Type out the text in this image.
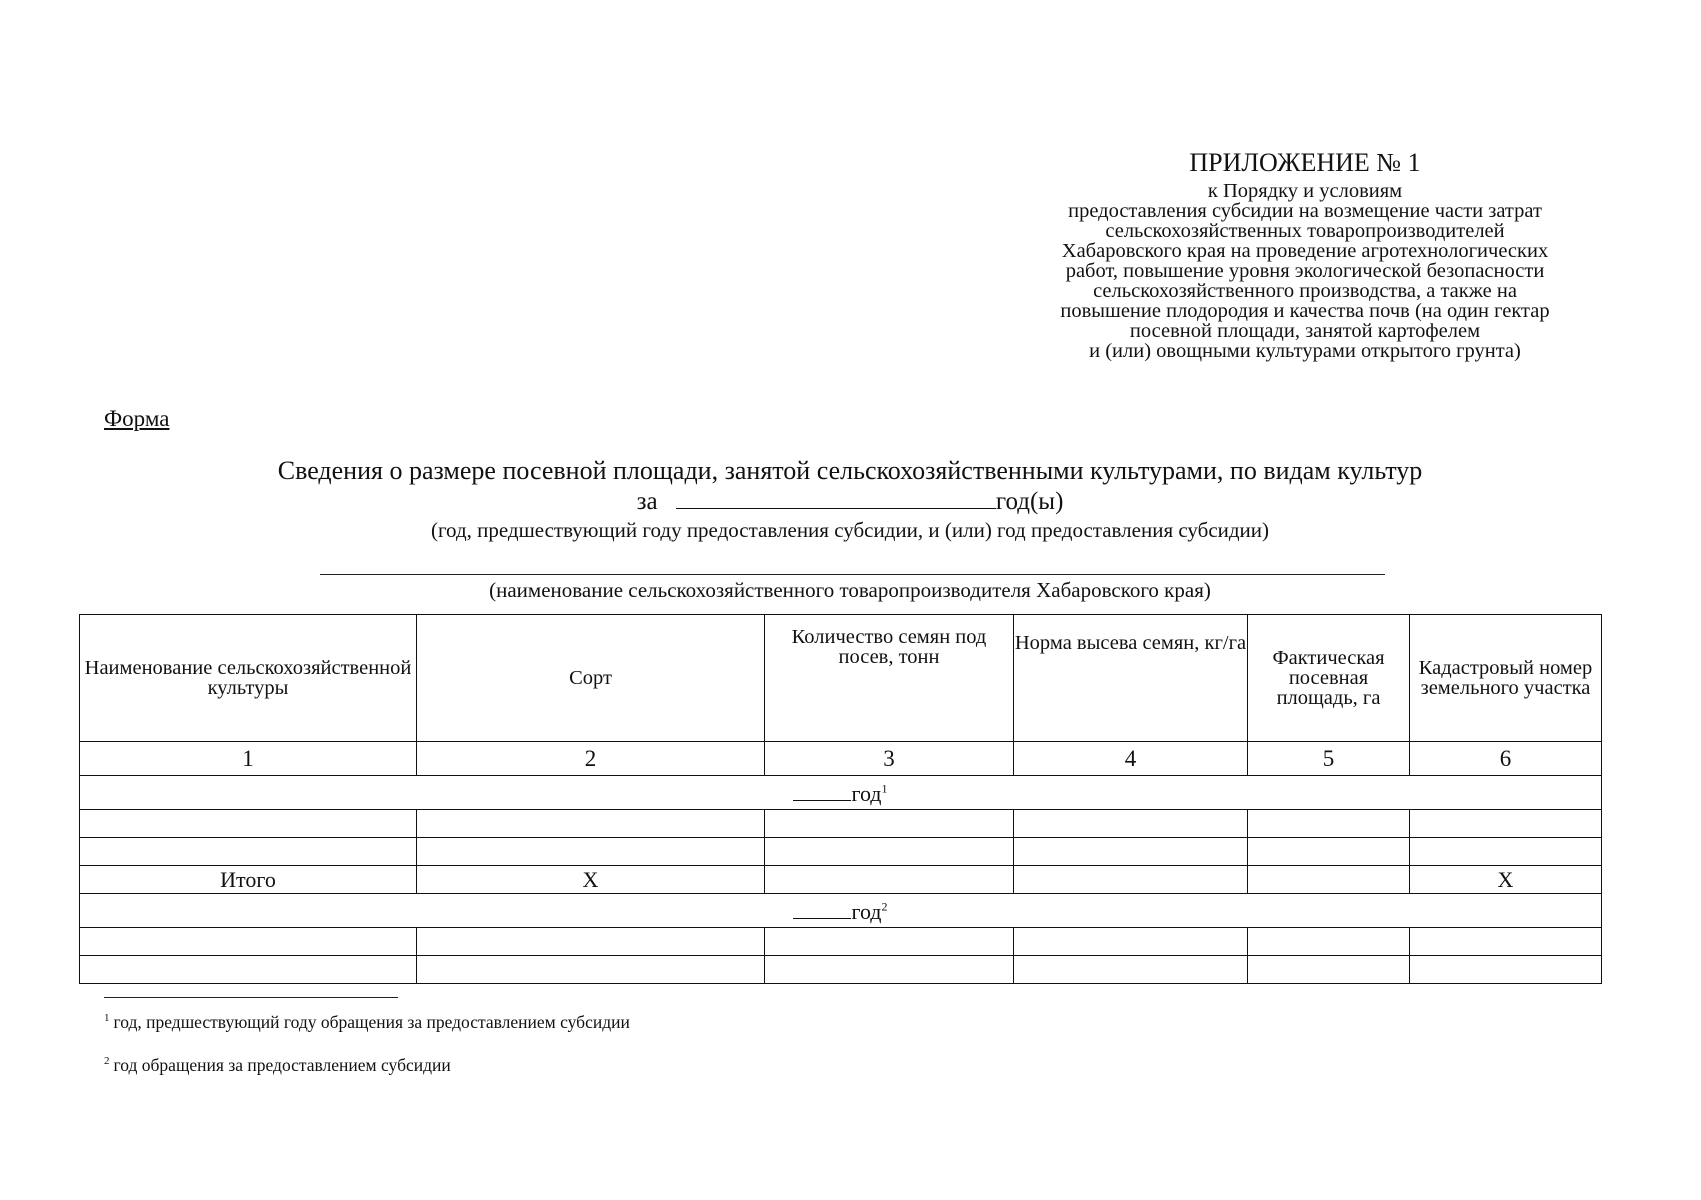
ПРИЛОЖЕНИЕ № 1
к Порядку и условиям
предоставления субсидии на возмещение части затрат
сельскохозяйственных товаропроизводителей
Хабаровского края на проведение агротехнологических
работ, повышение уровня экологической безопасности
сельскохозяйственного производства, а также на
повышение плодородия и качества почв (на один гектар
посевной площади, занятой картофелем
и (или) овощными культурами открытого грунта)
Форма
Сведения о размере посевной площади, занятой сельскохозяйственными культурами, по видам культур
за	год(ы)
(год, предшествующий году предоставления субсидии, и (или) год предоставления субсидии)
(наименование сельскохозяйственного товаропроизводителя Хабаровского края)
Наименование сельскохозяйственной культуры	Сорт	Количество семян под посев, тонн	Норма высева семян, кг/га	Фактическая посевная площадь, га	Кадастровый номер земельного участка
1	2	3	4	5	6
год$^1$

Итого	X				X
год$^2$

$^1$ год, предшествующий году обращения за предоставлением субсидии
$^2$ год обращения за предоставлением субсидии
